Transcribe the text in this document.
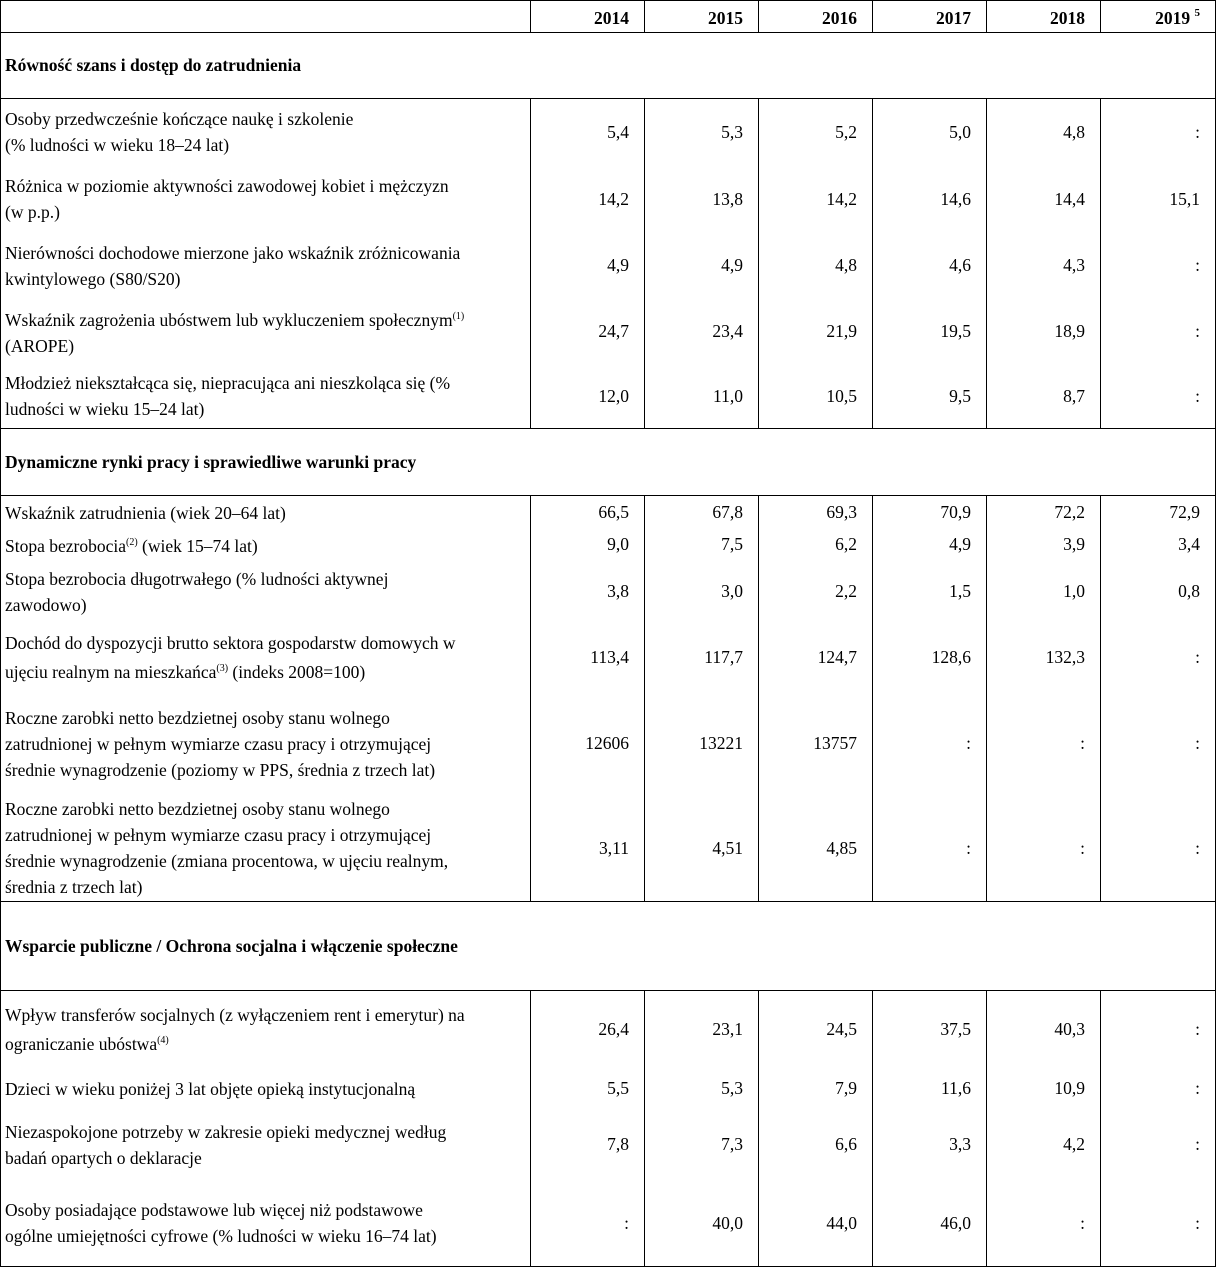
	2014	2015	2016	2017	2018	2019 $^5$
Równość szans i dostęp do zatrudnienia						
Osoby przedwcześnie kończące naukę i szkolenie
(% ludności w wieku 18–24 lat)	5,4	5,3	5,2	5,0	4,8	:
Różnica w poziomie aktywności zawodowej kobiet i mężczyzn
(w p.p.)	14,2	13,8	14,2	14,6	14,4	15,1
Nierówności dochodowe mierzone jako wskaźnik zróżnicowania
kwintylowego (S80/S20)	4,9	4,9	4,8	4,6	4,3	:
Wskaźnik zagrożenia ubóstwem lub wykluczeniem społecznym$^{(1)}$
(AROPE)	24,7	23,4	21,9	19,5	18,9	:
Młodzież niekształcąca się, niepracująca ani nieszkoląca się (%
ludności w wieku 15–24 lat)	12,0	11,0	10,5	9,5	8,7	:
Dynamiczne rynki pracy i sprawiedliwe warunki pracy						
Wskaźnik zatrudnienia (wiek 20–64 lat)	66,5	67,8	69,3	70,9	72,2	72,9
Stopa bezrobocia$^{(2)}$ (wiek 15–74 lat)	9,0	7,5	6,2	4,9	3,9	3,4
Stopa bezrobocia długotrwałego (% ludności aktywnej
zawodowo)	3,8	3,0	2,2	1,5	1,0	0,8
Dochód do dyspozycji brutto sektora gospodarstw domowych w
ujęciu realnym na mieszkańca$^{(3)}$ (indeks 2008=100)	113,4	117,7	124,7	128,6	132,3	:
Roczne zarobki netto bezdzietnej osoby stanu wolnego
zatrudnionej w pełnym wymiarze czasu pracy i otrzymującej
średnie wynagrodzenie (poziomy w PPS, średnia z trzech lat)	12606	13221	13757	:	:	:
Roczne zarobki netto bezdzietnej osoby stanu wolnego
zatrudnionej w pełnym wymiarze czasu pracy i otrzymującej
średnie wynagrodzenie (zmiana procentowa, w ujęciu realnym,
średnia z trzech lat)	3,11	4,51	4,85	:	:	:
Wsparcie publiczne / Ochrona socjalna i włączenie społeczne						
Wpływ transferów socjalnych (z wyłączeniem rent i emerytur) na
ograniczanie ubóstwa$^{(4)}$	26,4	23,1	24,5	37,5	40,3	:
Dzieci w wieku poniżej 3 lat objęte opieką instytucjonalną	5,5	5,3	7,9	11,6	10,9	:
Niezaspokojone potrzeby w zakresie opieki medycznej według
badań opartych o deklaracje	7,8	7,3	6,6	3,3	4,2	:
Osoby posiadające podstawowe lub więcej niż podstawowe
ogólne umiejętności cyfrowe (% ludności w wieku 16–74 lat)	:	40,0	44,0	46,0	:	:
